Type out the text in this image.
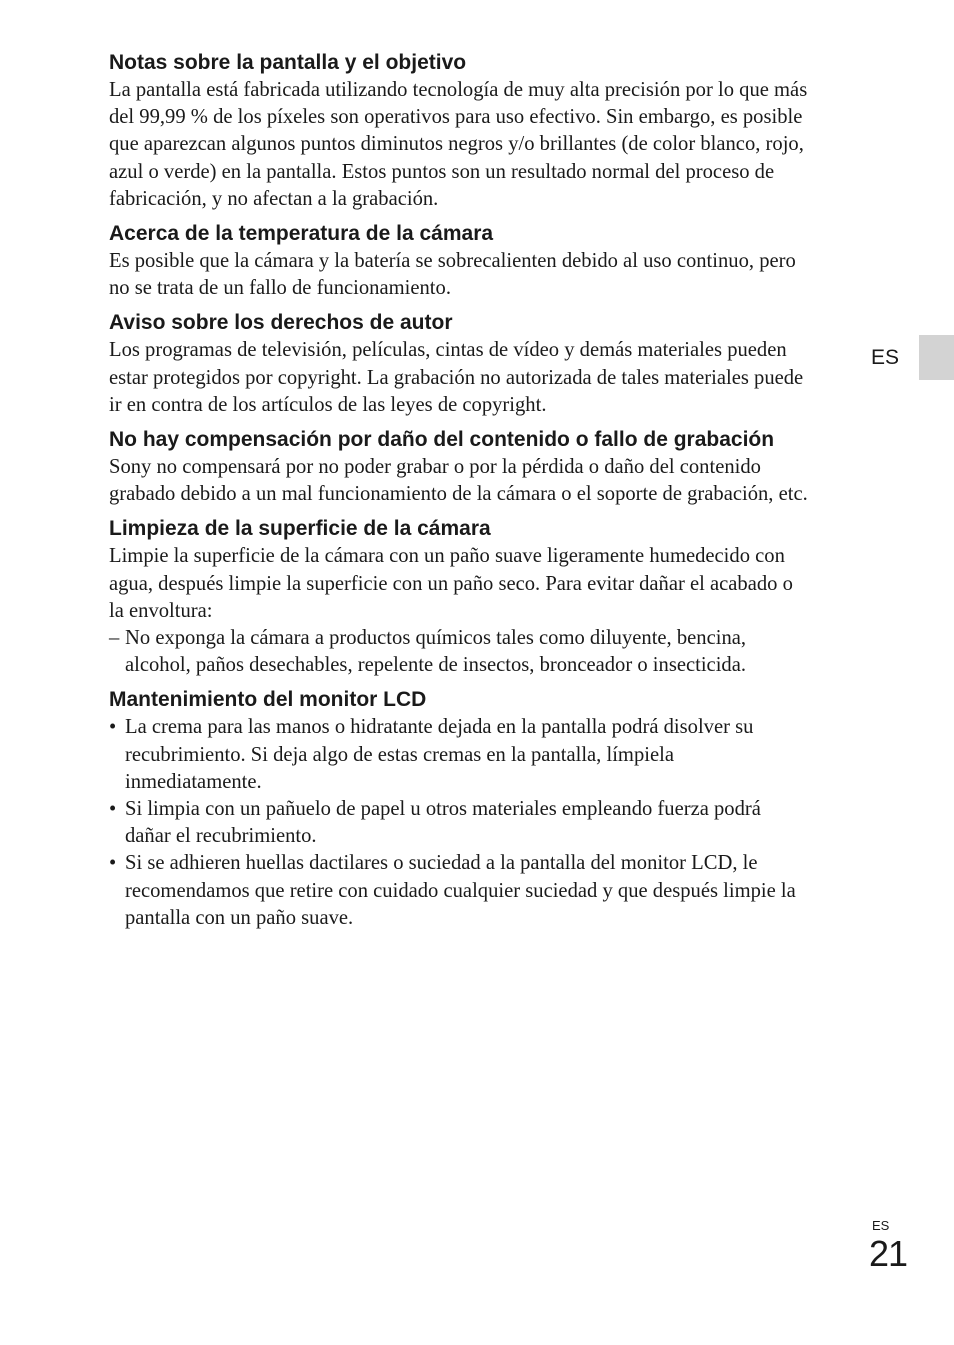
Notas sobre la pantalla y el objetivo
La pantalla está fabricada utilizando tecnología de muy alta precisión por lo que más
del 99,99 % de los píxeles son operativos para uso efectivo. Sin embargo, es posible
que aparezcan algunos puntos diminutos negros y/o brillantes (de color blanco, rojo,
azul o verde) en la pantalla. Estos puntos son un resultado normal del proceso de
fabricación, y no afectan a la grabación.
Acerca de la temperatura de la cámara
Es posible que la cámara y la batería se sobrecalienten debido al uso continuo, pero
no se trata de un fallo de funcionamiento.
Aviso sobre los derechos de autor
Los programas de televisión, películas, cintas de vídeo y demás materiales pueden
estar protegidos por copyright. La grabación no autorizada de tales materiales puede
ir en contra de los artículos de las leyes de copyright.
No hay compensación por daño del contenido o fallo de grabación
Sony no compensará por no poder grabar o por la pérdida o daño del contenido
grabado debido a un mal funcionamiento de la cámara o el soporte de grabación, etc.
Limpieza de la superficie de la cámara
Limpie la superficie de la cámara con un paño suave ligeramente humedecido con
agua, después limpie la superficie con un paño seco. Para evitar dañar el acabado o
la envoltura:
– No exponga la cámara a productos químicos tales como diluyente, bencina,
alcohol, paños desechables, repelente de insectos, bronceador o insecticida.
Mantenimiento del monitor LCD
• La crema para las manos o hidratante dejada en la pantalla podrá disolver su
recubrimiento. Si deja algo de estas cremas en la pantalla, límpiela
inmediatamente.
• Si limpia con un pañuelo de papel u otros materiales empleando fuerza podrá
dañar el recubrimiento.
• Si se adhieren huellas dactilares o suciedad a la pantalla del monitor LCD, le
recomendamos que retire con cuidado cualquier suciedad y que después limpie la
pantalla con un paño suave.
ES
ES
21
